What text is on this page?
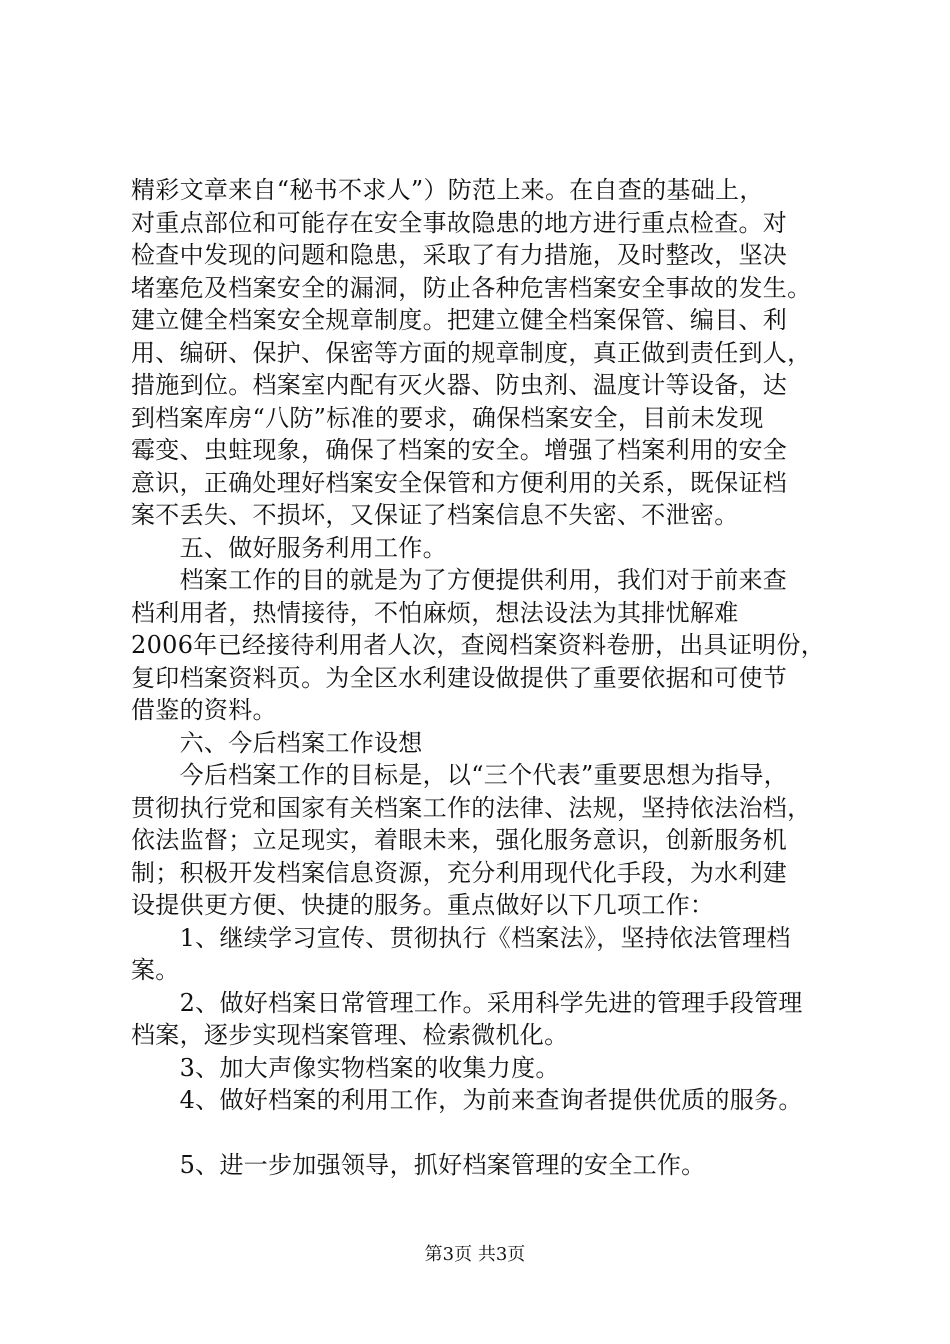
精彩文章来自“秘书不求人”）防范上来。在自查的基础上，
对重点部位和可能存在安全事故隐患的地方进行重点检查。对
检查中发现的问题和隐患，采取了有力措施，及时整改，坚决
堵塞危及档案安全的漏洞，防止各种危害档案安全事故的发生。
建立健全档案安全规章制度。把建立健全档案保管、编目、利
用、编研、保护、保密等方面的规章制度，真正做到责任到人，
措施到位。档案室内配有灭火器、防虫剂、温度计等设备，达
到档案库房“八防”标准的要求，确保档案安全，目前未发现
霉变、虫蛀现象，确保了档案的安全。增强了档案利用的安全
意识，正确处理好档案安全保管和方便利用的关系，既保证档
案不丢失、不损坏，又保证了档案信息不失密、不泄密。
　　五、做好服务利用工作。
　　档案工作的目的就是为了方便提供利用，我们对于前来查
档利用者，热情接待，不怕麻烦，想法设法为其排忧解难
2006年已经接待利用者人次，查阅档案资料卷册，出具证明份，
复印档案资料页。为全区水利建设做提供了重要依据和可使节
借鉴的资料。
　　六、今后档案工作设想
　　今后档案工作的目标是，以“三个代表”重要思想为指导，
贯彻执行党和国家有关档案工作的法律、法规，坚持依法治档，
依法监督；立足现实，着眼未来，强化服务意识，创新服务机
制；积极开发档案信息资源，充分利用现代化手段，为水利建
设提供更方便、快捷的服务。重点做好以下几项工作：
　　1、继续学习宣传、贯彻执行《档案法》，坚持依法管理档
案。
　　2、做好档案日常管理工作。采用科学先进的管理手段管理
档案，逐步实现档案管理、检索微机化。
　　3、加大声像实物档案的收集力度。
　　4、做好档案的利用工作，为前来查询者提供优质的服务。
　　5、进一步加强领导，抓好档案管理的安全工作。
第3页 共3页
